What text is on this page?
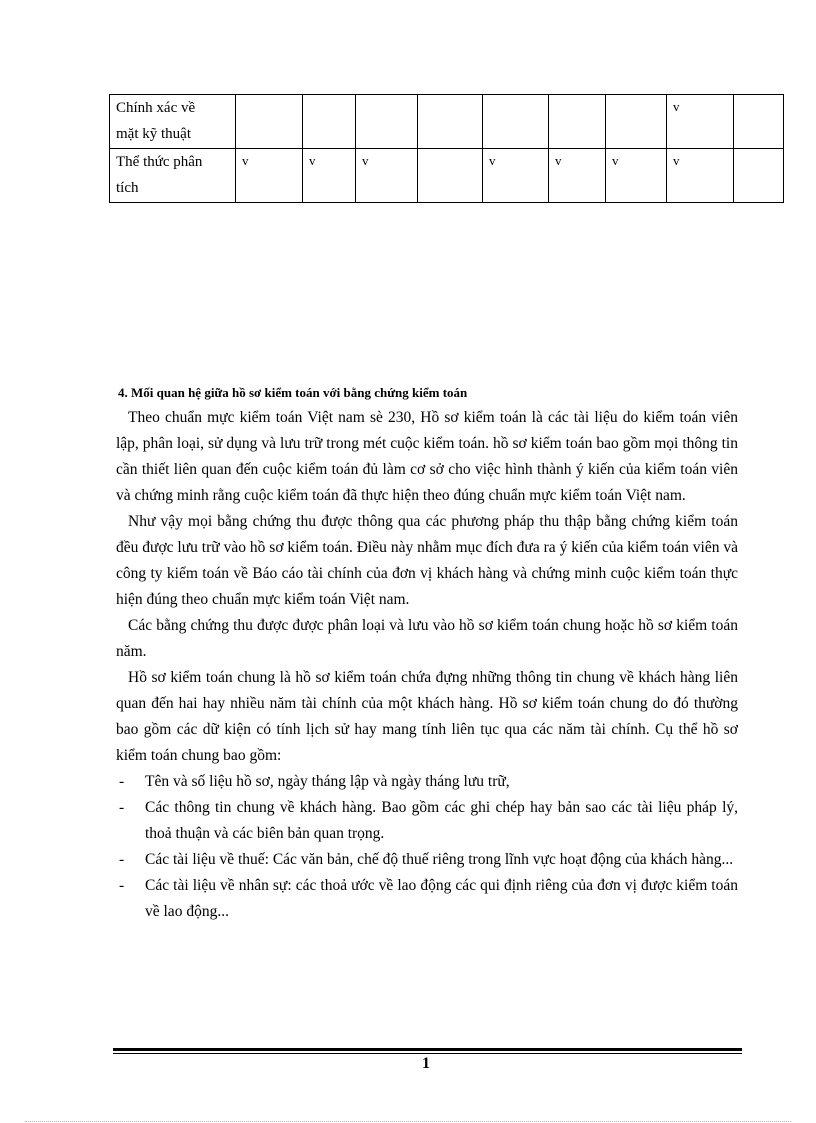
Chính xác về
mặt kỹ thuật								v	
Thể thức phân
tích	v	v	v		v	v	v	v	
4. Mối quan hệ giữa hồ sơ kiểm toán với bằng chứng kiểm toán

Theo chuẩn mực kiểm toán Việt nam sè 230, Hồ sơ kiểm toán là các tài liệu do kiểm toán viên lập, phân loại, sử dụng và lưu trữ trong mét cuộc kiểm toán. hồ sơ kiểm toán bao gồm mọi thông tin cần thiết liên quan đến cuộc kiểm toán đủ làm cơ sở cho việc hình thành ý kiến của kiểm toán viên và chứng minh rằng cuộc kiểm toán đã thực hiện theo đúng chuẩn mực kiểm toán Việt nam.

Như vậy mọi bằng chứng thu được thông qua các phương pháp thu thập bằng chứng kiểm toán đều được lưu trữ vào hồ sơ kiểm toán. Điều này nhằm mục đích đưa ra ý kiến của kiểm toán viên và công ty kiểm toán về Báo cáo tài chính của đơn vị khách hàng và chứng minh cuộc kiểm toán thực hiện đúng theo chuẩn mực kiểm toán Việt nam.

Các bằng chứng thu được được phân loại và lưu vào hồ sơ kiểm toán chung hoặc hồ sơ kiểm toán năm.

Hồ sơ kiểm toán chung là hồ sơ kiểm toán chứa đựng những thông tin chung về khách hàng liên quan đến hai hay nhiều năm tài chính của một khách hàng. Hồ sơ kiểm toán chung do đó thường bao gồm các dữ kiện có tính lịch sử hay mang tính liên tục qua các năm tài chính. Cụ thể hồ sơ kiểm toán chung bao gồm:

- Tên và số liệu hồ sơ, ngày tháng lập và ngày tháng lưu trữ,
- Các thông tin chung về khách hàng. Bao gồm các ghi chép hay bản sao các tài liệu pháp lý, thoả thuận và các biên bản quan trọng.
- Các tài liệu về thuế: Các văn bản, chế độ thuế riêng trong lĩnh vực hoạt động của khách hàng...
- Các tài liệu về nhân sự: các thoả ước về lao động các qui định riêng của đơn vị được kiểm toán về lao động...
1
